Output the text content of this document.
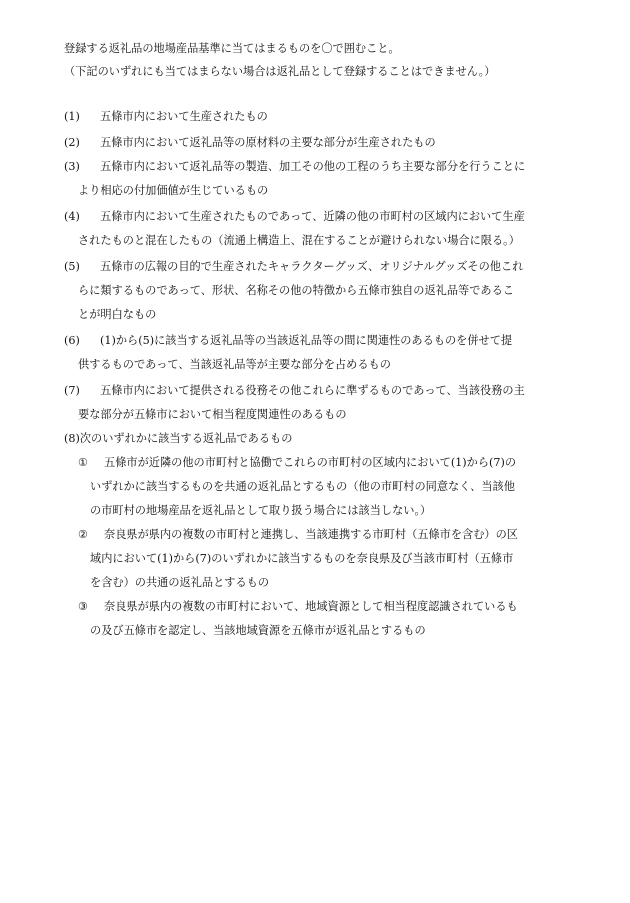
登録する返礼品の地場産品基準に当てはまるものを〇で囲むこと。
（下記のいずれにも当てはまらない場合は返礼品として登録することはできません。）
(1) 五條市内において生産されたもの
(2) 五條市内において返礼品等の原材料の主要な部分が生産されたもの
(3) 五條市内において返礼品等の製造、加工その他の工程のうち主要な部分を行うことに
より相応の付加価値が生じているもの
(4) 五條市内において生産されたものであって、近隣の他の市町村の区域内において生産
されたものと混在したもの（流通上構造上、混在することが避けられない場合に限る。）
(5) 五條市の広報の目的で生産されたキャラクターグッズ、オリジナルグッズその他これ
らに類するものであって、形状、名称その他の特徴から五條市独自の返礼品等であるこ
とが明白なもの
(6) (1)から(5)に該当する返礼品等の当該返礼品等の間に関連性のあるものを併せて提
供するものであって、当該返礼品等が主要な部分を占めるもの
(7) 五條市内において提供される役務その他これらに準ずるものであって、当該役務の主
要な部分が五條市において相当程度関連性のあるもの
(8)次のいずれかに該当する返礼品であるもの
① 五條市が近隣の他の市町村と協働でこれらの市町村の区域内において(1)から(7)の
いずれかに該当するものを共通の返礼品とするもの（他の市町村の同意なく、当該他
の市町村の地場産品を返礼品として取り扱う場合には該当しない。）
② 奈良県が県内の複数の市町村と連携し、当該連携する市町村（五條市を含む）の区
域内において(1)から(7)のいずれかに該当するものを奈良県及び当該市町村（五條市
を含む）の共通の返礼品とするもの
③ 奈良県が県内の複数の市町村において、地域資源として相当程度認識されているも
の及び五條市を認定し、当該地域資源を五條市が返礼品とするもの
